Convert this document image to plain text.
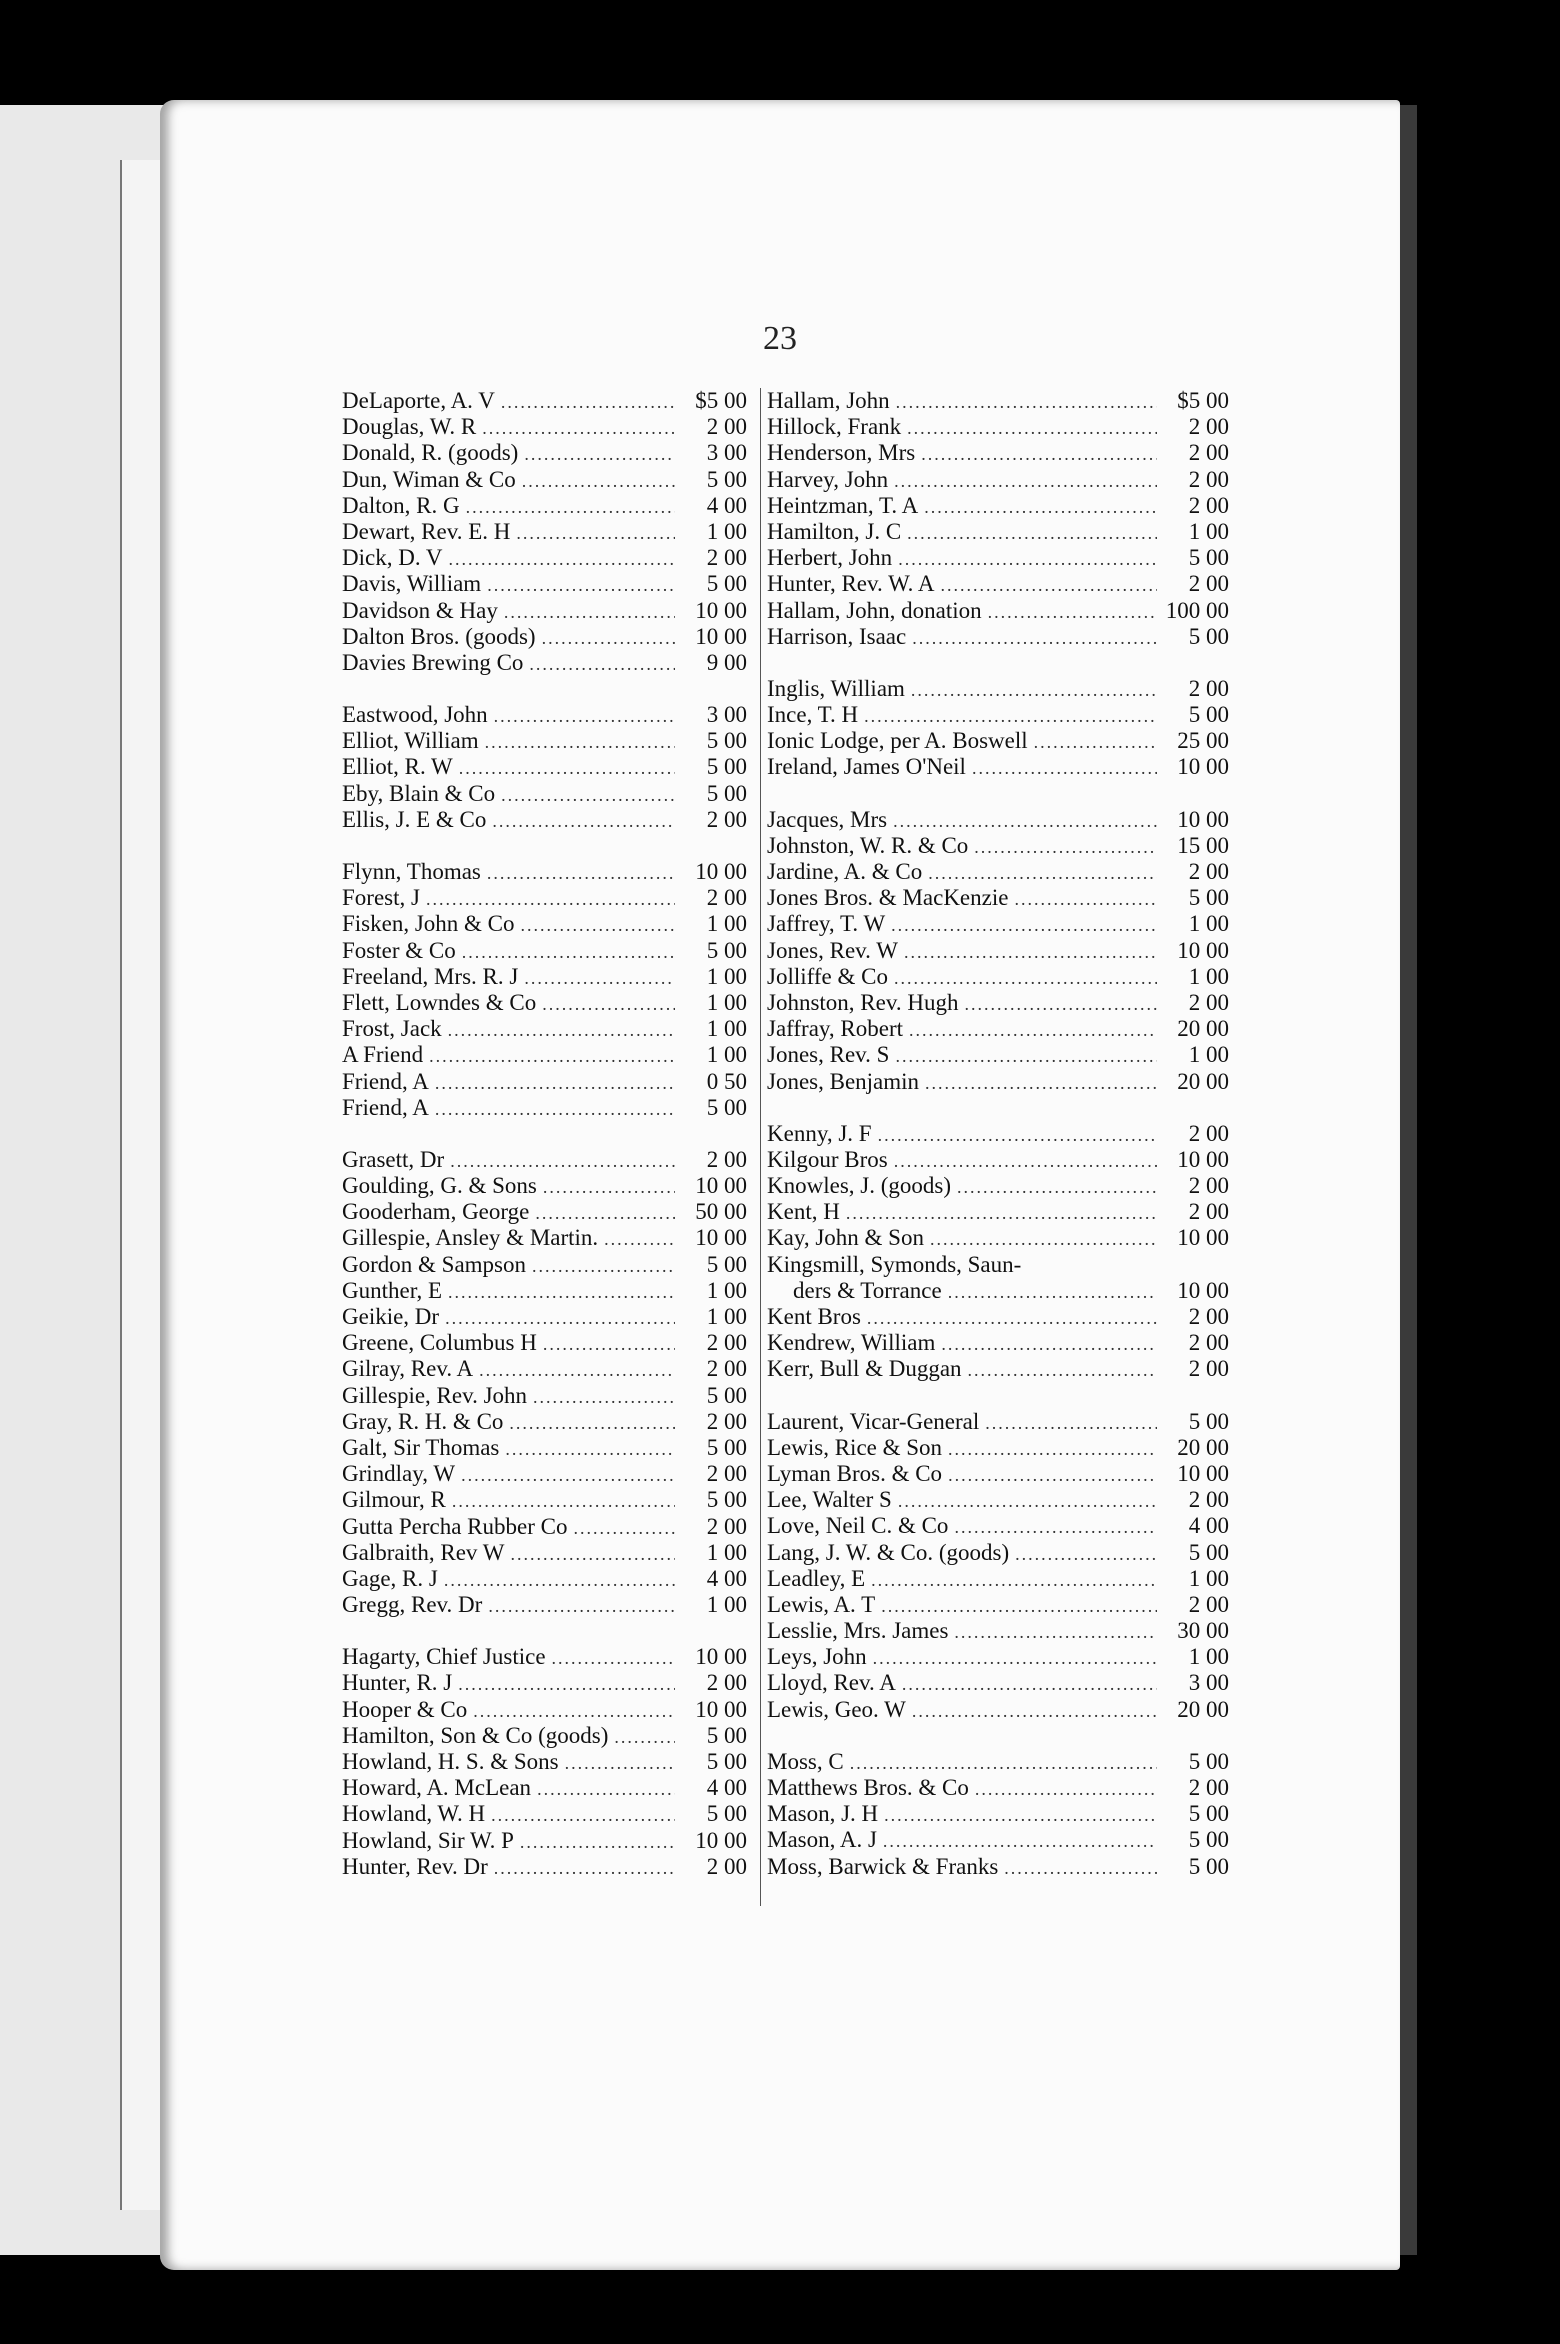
23
DeLaporte, A. V .....	$5 00
Douglas, W. R .....	2 00
Donald, R. (goods) .....	3 00
Dun, Wiman & Co .....	5 00
Dalton, R. G .....	4 00
Dewart, Rev. E. H .....	1 00
Dick, D. V .....	2 00
Davis, William .....	5 00
Davidson & Hay .....	10 00
Dalton Bros. (goods) .....	10 00
Davies Brewing Co .....	9 00
Eastwood, John .....	3 00
Elliot, William .....	5 00
Elliot, R. W .....	5 00
Eby, Blain & Co .....	5 00
Ellis, J. E & Co .....	2 00
Flynn, Thomas .....	10 00
Forest, J .....	2 00
Fisken, John & Co .....	1 00
Foster & Co .....	5 00
Freeland, Mrs. R. J .....	1 00
Flett, Lowndes & Co .....	1 00
Frost, Jack .....	1 00
A Friend .....	1 00
Friend, A .....	0 50
Friend, A .....	5 00
Grasett, Dr .....	2 00
Goulding, G. & Sons .....	10 00
Gooderham, George .....	50 00
Gillespie, Ansley & Martin. .....	10 00
Gordon & Sampson .....	5 00
Gunther, E .....	1 00
Geikie, Dr .....	1 00
Greene, Columbus H .....	2 00
Gilray, Rev. A .....	2 00
Gillespie, Rev. John .....	5 00
Gray, R. H. & Co .....	2 00
Galt, Sir Thomas .....	5 00
Grindlay, W .....	2 00
Gilmour, R .....	5 00
Gutta Percha Rubber Co .....	2 00
Galbraith, Rev W .....	1 00
Gage, R. J .....	4 00
Gregg, Rev. Dr .....	1 00
Hagarty, Chief Justice .....	10 00
Hunter, R. J .....	2 00
Hooper & Co .....	10 00
Hamilton, Son & Co (goods) .....	5 00
Howland, H. S. & Sons .....	5 00
Howard, A. McLean .....	4 00
Howland, W. H .....	5 00
Howland, Sir W. P .....	10 00
Hunter, Rev. Dr .....	2 00
Hallam, John .....	$5 00
Hillock, Frank .....	2 00
Henderson, Mrs .....	2 00
Harvey, John .....	2 00
Heintzman, T. A .....	2 00
Hamilton, J. C .....	1 00
Herbert, John .....	5 00
Hunter, Rev. W. A .....	2 00
Hallam, John, donation .....	100 00
Harrison, Isaac .....	5 00
Inglis, William .....	2 00
Ince, T. H .....	5 00
Ionic Lodge, per A. Boswell .....	25 00
Ireland, James O'Neil .....	10 00
Jacques, Mrs .....	10 00
Johnston, W. R. & Co .....	15 00
Jardine, A. & Co .....	2 00
Jones Bros. & MacKenzie .....	5 00
Jaffrey, T. W .....	1 00
Jones, Rev. W .....	10 00
Jolliffe & Co .....	1 00
Johnston, Rev. Hugh .....	2 00
Jaffray, Robert .....	20 00
Jones, Rev. S .....	1 00
Jones, Benjamin .....	20 00
Kenny, J. F .....	2 00
Kilgour Bros .....	10 00
Knowles, J. (goods) .....	2 00
Kent, H .....	2 00
Kay, John & Son .....	10 00
Kingsmill, Symonds, Saun-
ders & Torrance .....	10 00
Kent Bros .....	2 00
Kendrew, William .....	2 00
Kerr, Bull & Duggan .....	2 00
Laurent, Vicar-General .....	5 00
Lewis, Rice & Son .....	20 00
Lyman Bros. & Co .....	10 00
Lee, Walter S .....	2 00
Love, Neil C. & Co .....	4 00
Lang, J. W. & Co. (goods) .....	5 00
Leadley, E .....	1 00
Lewis, A. T .....	2 00
Lesslie, Mrs. James .....	30 00
Leys, John .....	1 00
Lloyd, Rev. A .....	3 00
Lewis, Geo. W .....	20 00
Moss, C .....	5 00
Matthews Bros. & Co .....	2 00
Mason, J. H .....	5 00
Mason, A. J .....	5 00
Moss, Barwick & Franks .....	5 00
